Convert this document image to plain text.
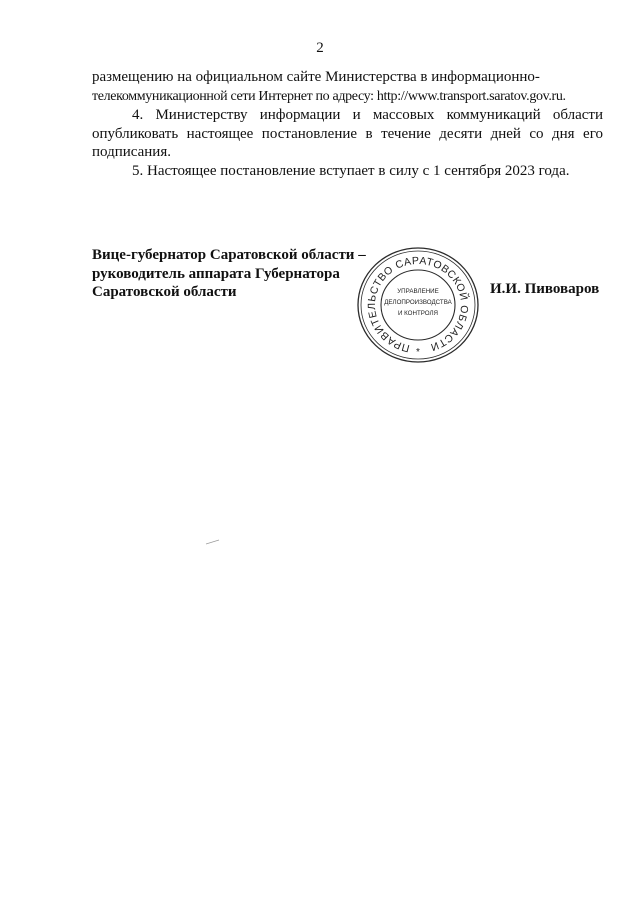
2

размещению на официальном сайте Министерства в информационно-
телекоммуникационной сети Интернет по адресу: http://www.transport.saratov.gov.ru.

4. Министерству информации и массовых коммуникаций области опубликовать настоящее постановление в течение десяти дней со дня его подписания.

5. Настоящее постановление вступает в силу с 1 сентября 2023 года.

Вице-губернатор Саратовской области –
руководитель аппарата Губернатора
Саратовской области
ПРАВИТЕЛЬСТВО САРАТОВСКОЙ ОБЛАСТИ
УПРАВЛЕНИЕ
ДЕЛОПРОИЗВОДСТВА
И КОНТРОЛЯ
*
И.И. Пивоваров
